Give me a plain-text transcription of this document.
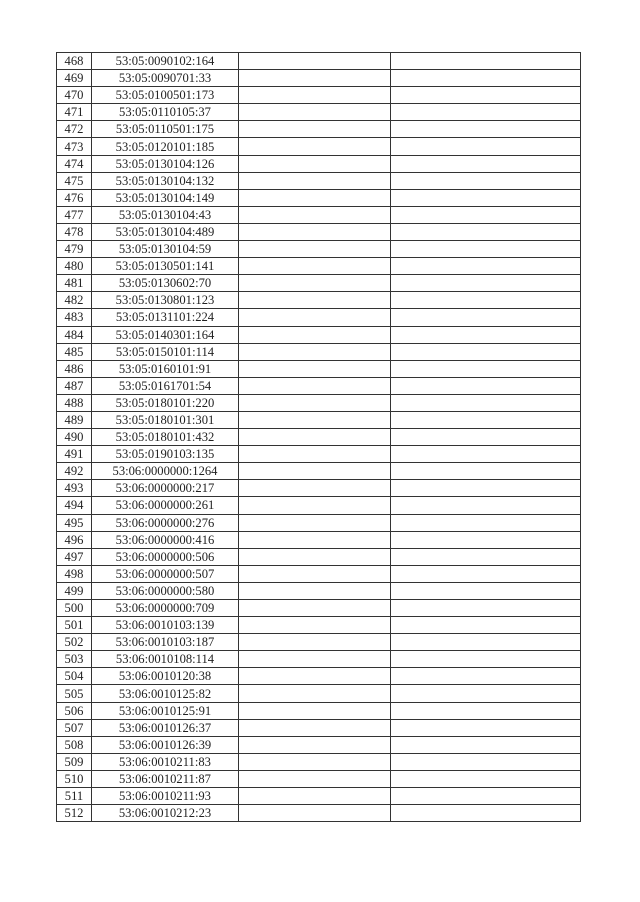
468	53:05:0090102:164		
469	53:05:0090701:33		
470	53:05:0100501:173		
471	53:05:0110105:37		
472	53:05:0110501:175		
473	53:05:0120101:185		
474	53:05:0130104:126		
475	53:05:0130104:132		
476	53:05:0130104:149		
477	53:05:0130104:43		
478	53:05:0130104:489		
479	53:05:0130104:59		
480	53:05:0130501:141		
481	53:05:0130602:70		
482	53:05:0130801:123		
483	53:05:0131101:224		
484	53:05:0140301:164		
485	53:05:0150101:114		
486	53:05:0160101:91		
487	53:05:0161701:54		
488	53:05:0180101:220		
489	53:05:0180101:301		
490	53:05:0180101:432		
491	53:05:0190103:135		
492	53:06:0000000:1264		
493	53:06:0000000:217		
494	53:06:0000000:261		
495	53:06:0000000:276		
496	53:06:0000000:416		
497	53:06:0000000:506		
498	53:06:0000000:507		
499	53:06:0000000:580		
500	53:06:0000000:709		
501	53:06:0010103:139		
502	53:06:0010103:187		
503	53:06:0010108:114		
504	53:06:0010120:38		
505	53:06:0010125:82		
506	53:06:0010125:91		
507	53:06:0010126:37		
508	53:06:0010126:39		
509	53:06:0010211:83		
510	53:06:0010211:87		
511	53:06:0010211:93		
512	53:06:0010212:23		
